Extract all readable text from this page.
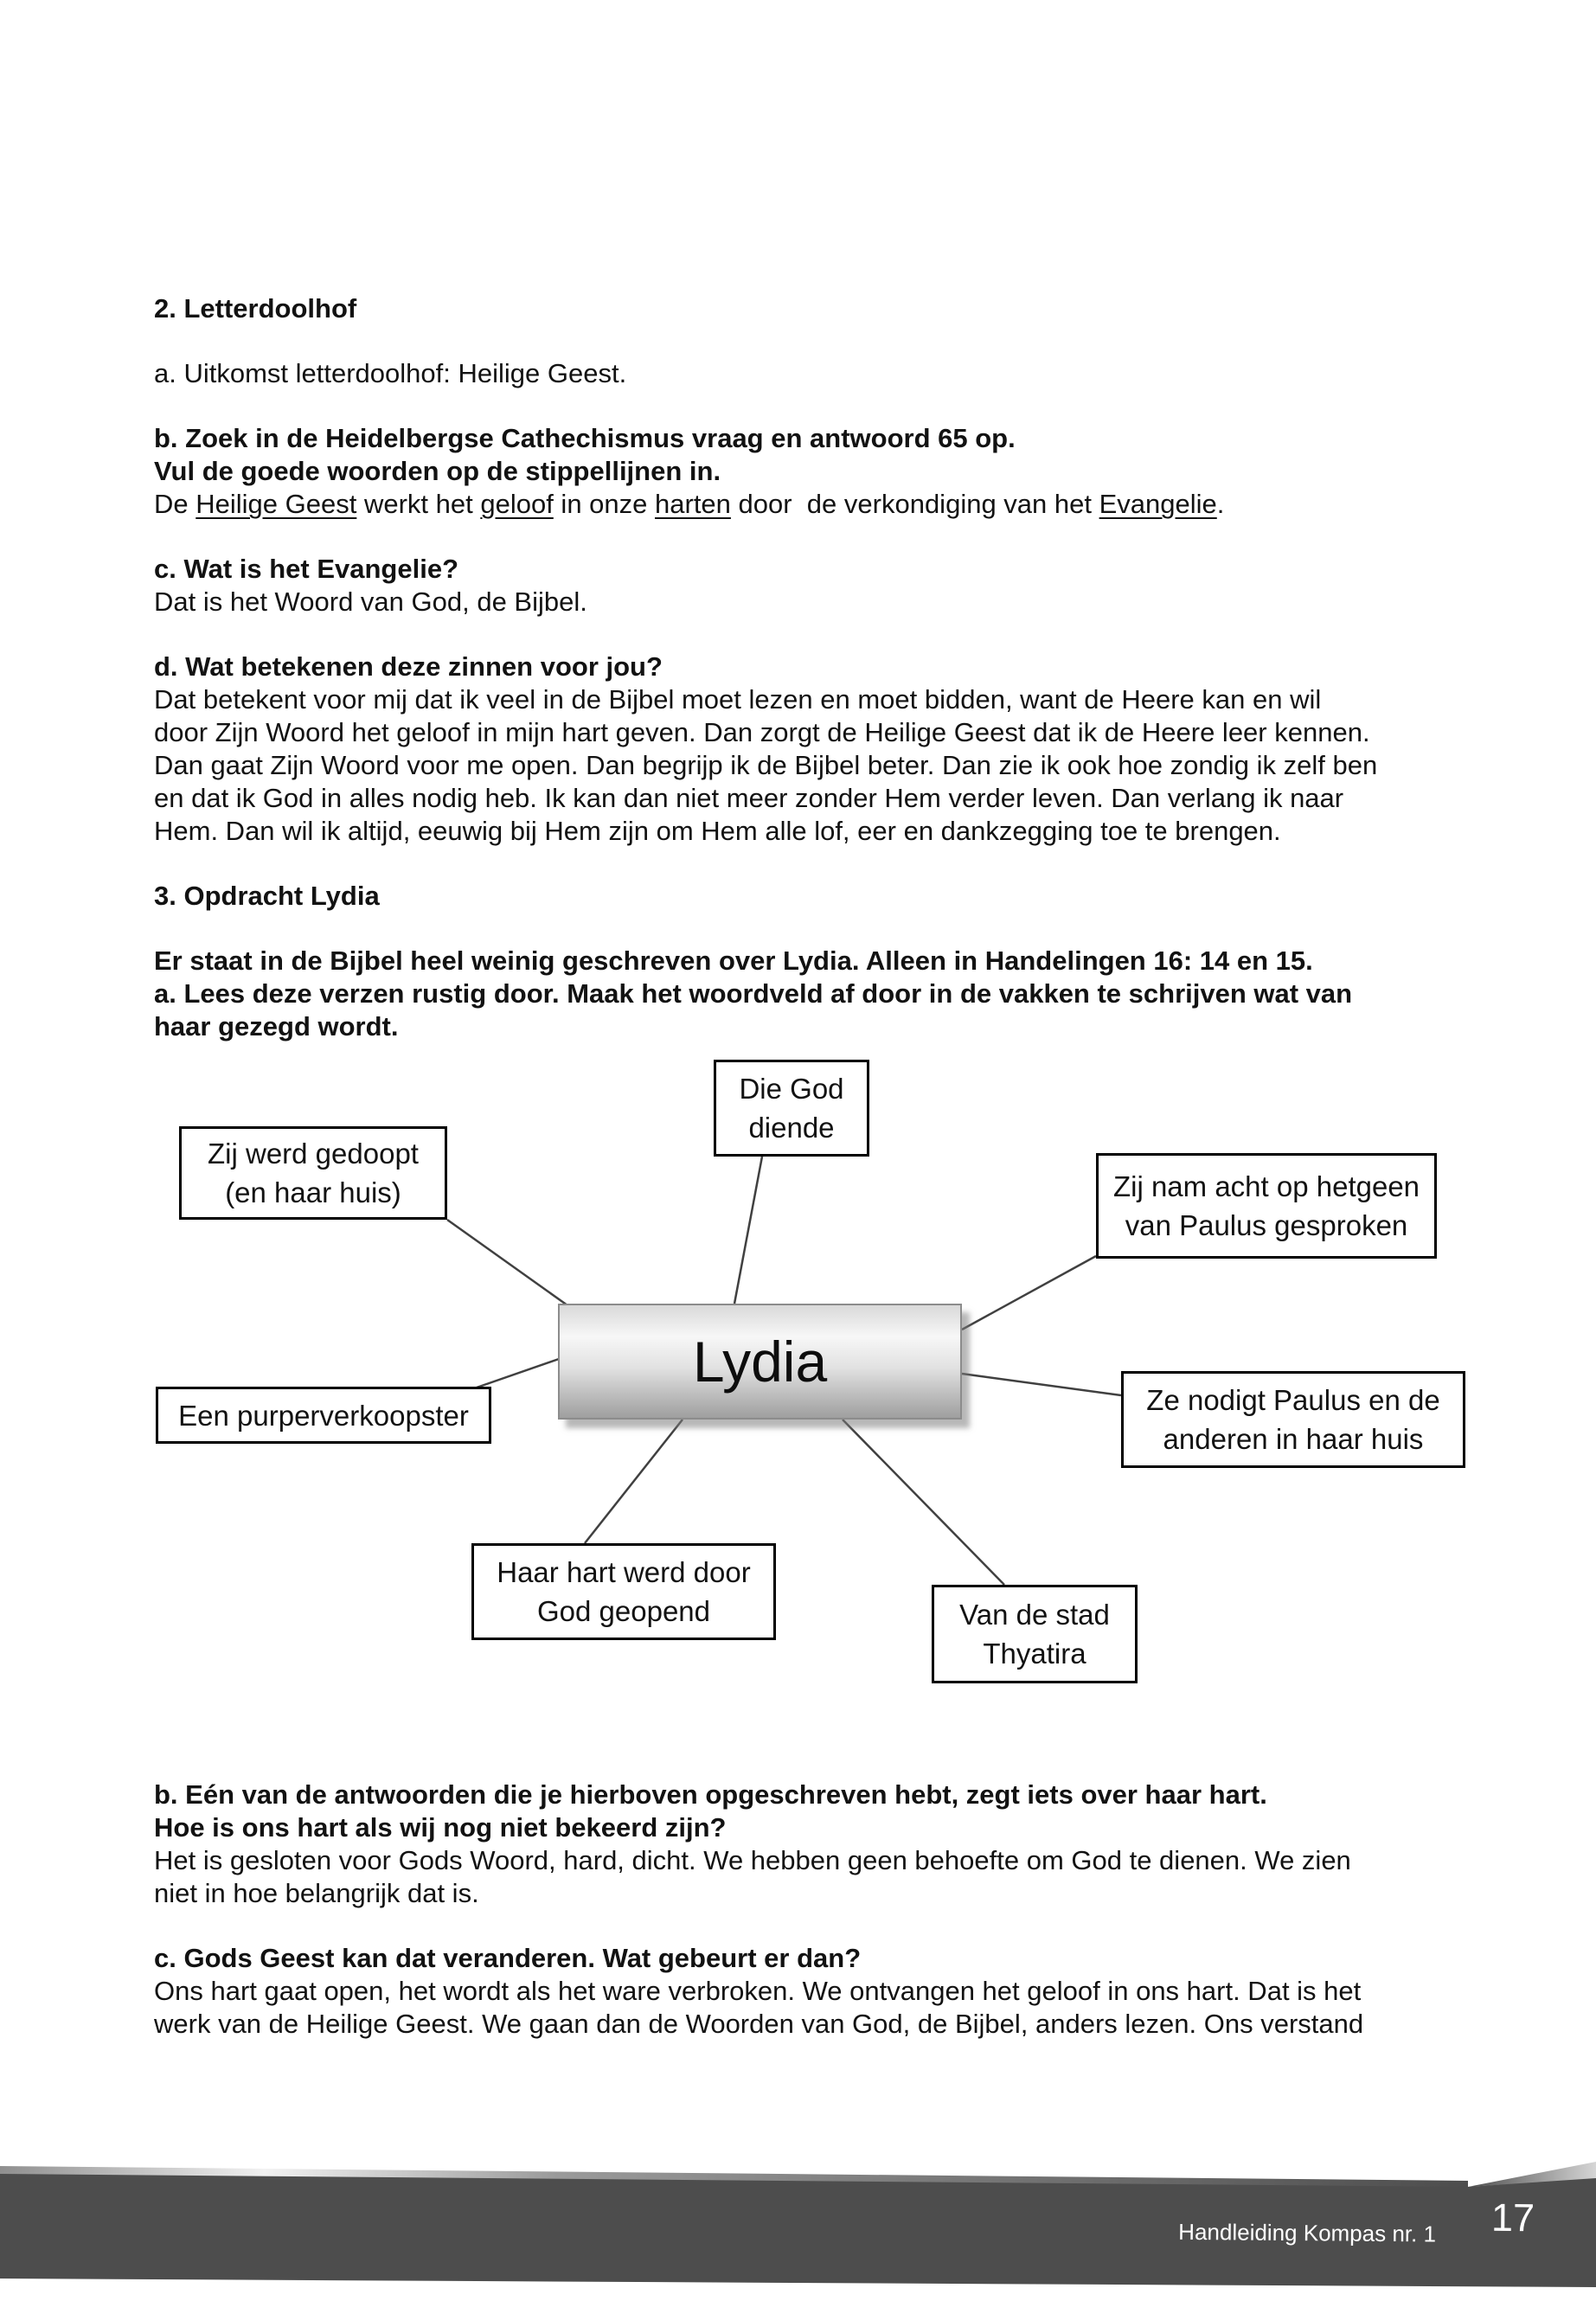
2. Letterdoolhof
a. Uitkomst letterdoolhof: Heilige Geest.
b. Zoek in de Heidelbergse Cathechismus vraag en antwoord 65 op.
Vul de goede woorden op de stippellijnen in.
De Heilige Geest werkt het geloof in onze harten door  de verkondiging van het Evangelie.
c. Wat is het Evangelie?
Dat is het Woord van God, de Bijbel.
d. Wat betekenen deze zinnen voor jou?
Dat betekent voor mij dat ik veel in de Bijbel moet lezen en moet bidden, want de Heere kan en wil
door Zijn Woord het geloof in mijn hart geven. Dan zorgt de Heilige Geest dat ik de Heere leer kennen.
Dan gaat Zijn Woord voor me open. Dan begrijp ik de Bijbel beter. Dan zie ik ook hoe zondig ik zelf ben
en dat ik God in alles nodig heb. Ik kan dan niet meer zonder Hem verder leven. Dan verlang ik naar
Hem. Dan wil ik altijd, eeuwig bij Hem zijn om Hem alle lof, eer en dankzegging toe te brengen.
3. Opdracht Lydia
Er staat in de Bijbel heel weinig geschreven over Lydia. Alleen in Handelingen 16: 14 en 15.
a. Lees deze verzen rustig door. Maak het woordveld af door in de vakken te schrijven wat van
haar gezegd wordt.
Die God
diende
Zij werd gedoopt
(en haar huis)	Zij nam acht op hetgeen
van Paulus gesproken
Een purperverkoopster	Ze nodigt Paulus en de
anderen in haar huis
Haar hart werd door
God geopend	Van de stad
Thyatira
Lydia
b. Eén van de antwoorden die je hierboven opgeschreven hebt, zegt iets over haar hart.
Hoe is ons hart als wij nog niet bekeerd zijn?
Het is gesloten voor Gods Woord, hard, dicht. We hebben geen behoefte om God te dienen. We zien
niet in hoe belangrijk dat is.
c. Gods Geest kan dat veranderen. Wat gebeurt er dan?
Ons hart gaat open, het wordt als het ware verbroken. We ontvangen het geloof in ons hart. Dat is het
werk van de Heilige Geest. We gaan dan de Woorden van God, de Bijbel, anders lezen. Ons verstand
Handleiding Kompas nr. 1 17
